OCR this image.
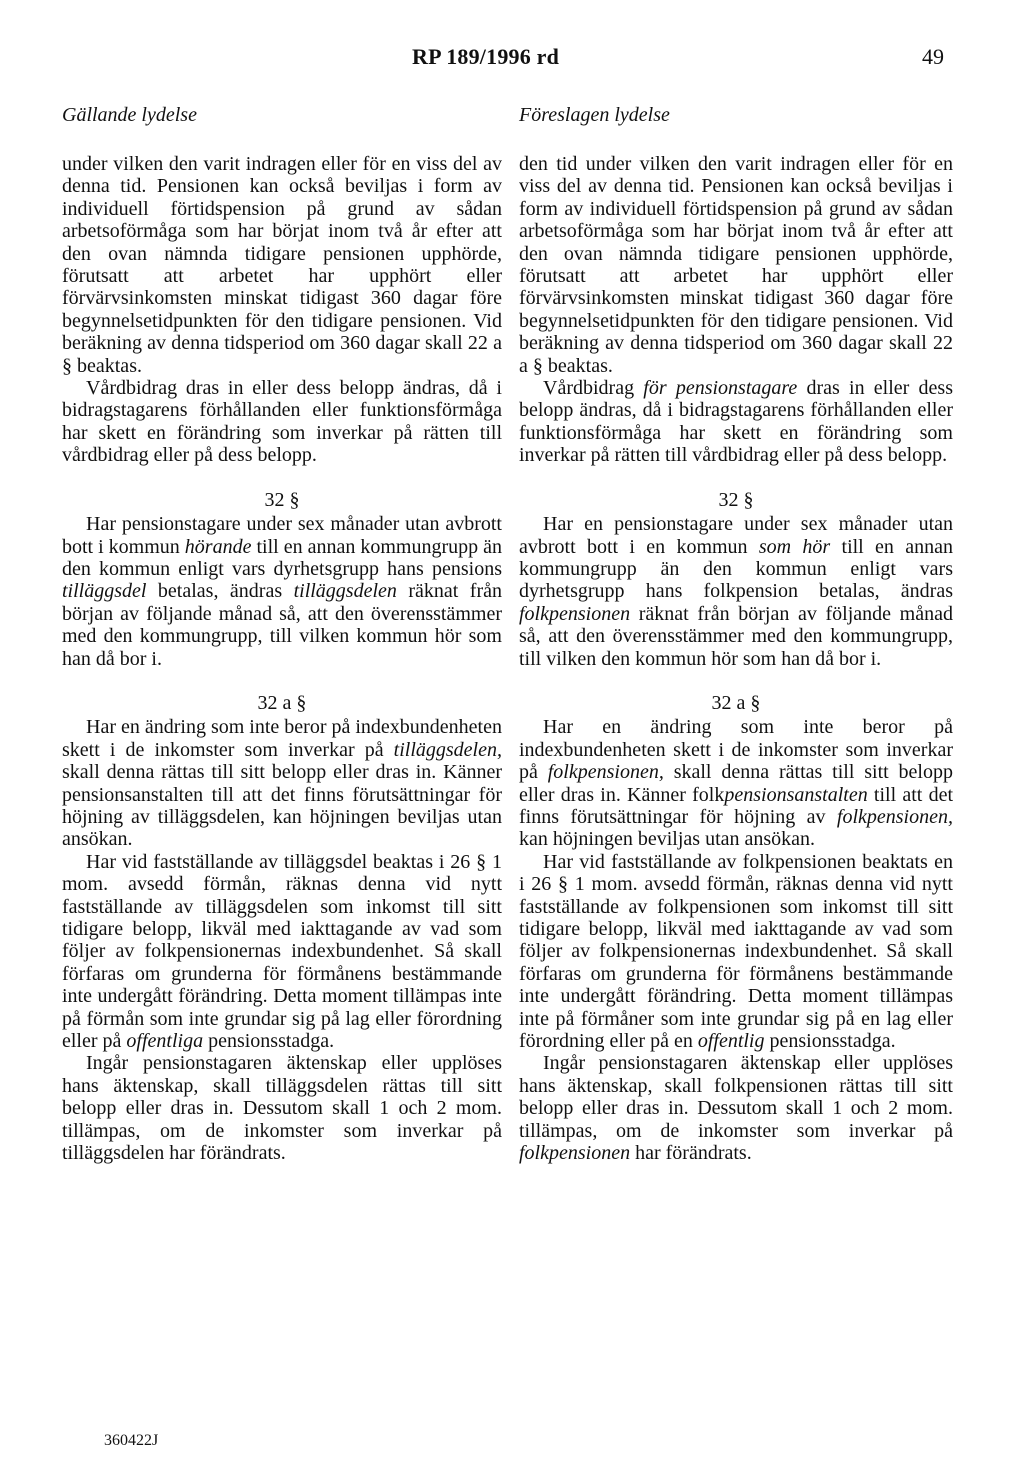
RP 189/1996 rd	49
Gällande lydelse	Föreslagen lydelse

under vilken den varit indragen eller för en viss del av denna tid. Pensionen kan också beviljas i form av individuell förtidspension på grund av sådan arbetsoförmåga som har börjat inom två år efter att den ovan nämnda tidigare pensionen upphörde, förutsatt att arbetet har upphört eller förvärvsinkomsten minskat tidigast 360 dagar före begynnelsetidpunkten för den tidigare pensionen. Vid beräkning av denna tidsperiod om 360 dagar skall 22 a § beaktas.

Vårdbidrag dras in eller dess belopp ändras, då i bidragstagarens förhållanden eller funktionsförmåga har skett en förändring som inverkar på rätten till vårdbidrag eller på dess belopp.

32 §

Har pensionstagare under sex månader utan avbrott bott i kommun hörande till en annan kommungrupp än den kommun enligt vars dyrhetsgrupp hans pensions tilläggsdel betalas, ändras tilläggsdelen räknat från början av följande månad så, att den överensstämmer med den kommungrupp, till vilken kommun hör som han då bor i.

32 a §

Har en ändring som inte beror på indexbundenheten skett i de inkomster som inverkar på tilläggsdelen, skall denna rättas till sitt belopp eller dras in. Känner pensionsanstalten till att det finns förutsättningar för höjning av tilläggsdelen, kan höjningen beviljas utan ansökan.

Har vid fastställande av tilläggsdel beaktas i 26 § 1 mom. avsedd förmån, räknas denna vid nytt fastställande av tilläggsdelen som inkomst till sitt tidigare belopp, likväl med iakttagande av vad som följer av folkpensionernas indexbundenhet. Så skall förfaras om grunderna för förmånens bestämmande inte undergått förändring. Detta moment tillämpas inte på förmån som inte grundar sig på lag eller förordning eller på offentliga pensionsstadga.

Ingår pensionstagaren äktenskap eller upplöses hans äktenskap, skall tilläggsdelen rättas till sitt belopp eller dras in. Dessutom skall 1 och 2 mom. tillämpas, om de inkomster som inverkar på tilläggsdelen har förändrats.

den tid under vilken den varit indragen eller för en viss del av denna tid. Pensionen kan också beviljas i form av individuell förtidspension på grund av sådan arbetsoförmåga som har börjat inom två år efter att den ovan nämnda tidigare pensionen upphörde, förutsatt att arbetet har upphört eller förvärvsinkomsten minskat tidigast 360 dagar före begynnelsetidpunkten för den tidigare pensionen. Vid beräkning av denna tidsperiod om 360 dagar skall 22 a § beaktas.

Vårdbidrag för pensionstagare dras in eller dess belopp ändras, då i bidragstagarens förhållanden eller funktionsförmåga har skett en förändring som inverkar på rätten till vårdbidrag eller på dess belopp.

32 §

Har en pensionstagare under sex månader utan avbrott bott i en kommun som hör till en annan kommungrupp än den kommun enligt vars dyrhetsgrupp hans folkpension betalas, ändras folkpensionen räknat från början av följande månad så, att den överensstämmer med den kommungrupp, till vilken den kommun hör som han då bor i.

32 a §

Har en ändring som inte beror på indexbundenheten skett i de inkomster som inverkar på folkpensionen, skall denna rättas till sitt belopp eller dras in. Känner folkpensionsanstalten till att det finns förutsättningar för höjning av folkpensionen, kan höjningen beviljas utan ansökan.

Har vid fastställande av folkpensionen beaktats en i 26 § 1 mom. avsedd förmån, räknas denna vid nytt fastställande av folkpensionen som inkomst till sitt tidigare belopp, likväl med iakttagande av vad som följer av folkpensionernas indexbundenhet. Så skall förfaras om grunderna för förmånens bestämmande inte undergått förändring. Detta moment tillämpas inte på förmåner som inte grundar sig på en lag eller förordning eller på en offentlig pensionsstadga.

Ingår pensionstagaren äktenskap eller upplöses hans äktenskap, skall folkpensionen rättas till sitt belopp eller dras in. Dessutom skall 1 och 2 mom. tillämpas, om de inkomster som inverkar på folkpensionen har förändrats.

360422J
